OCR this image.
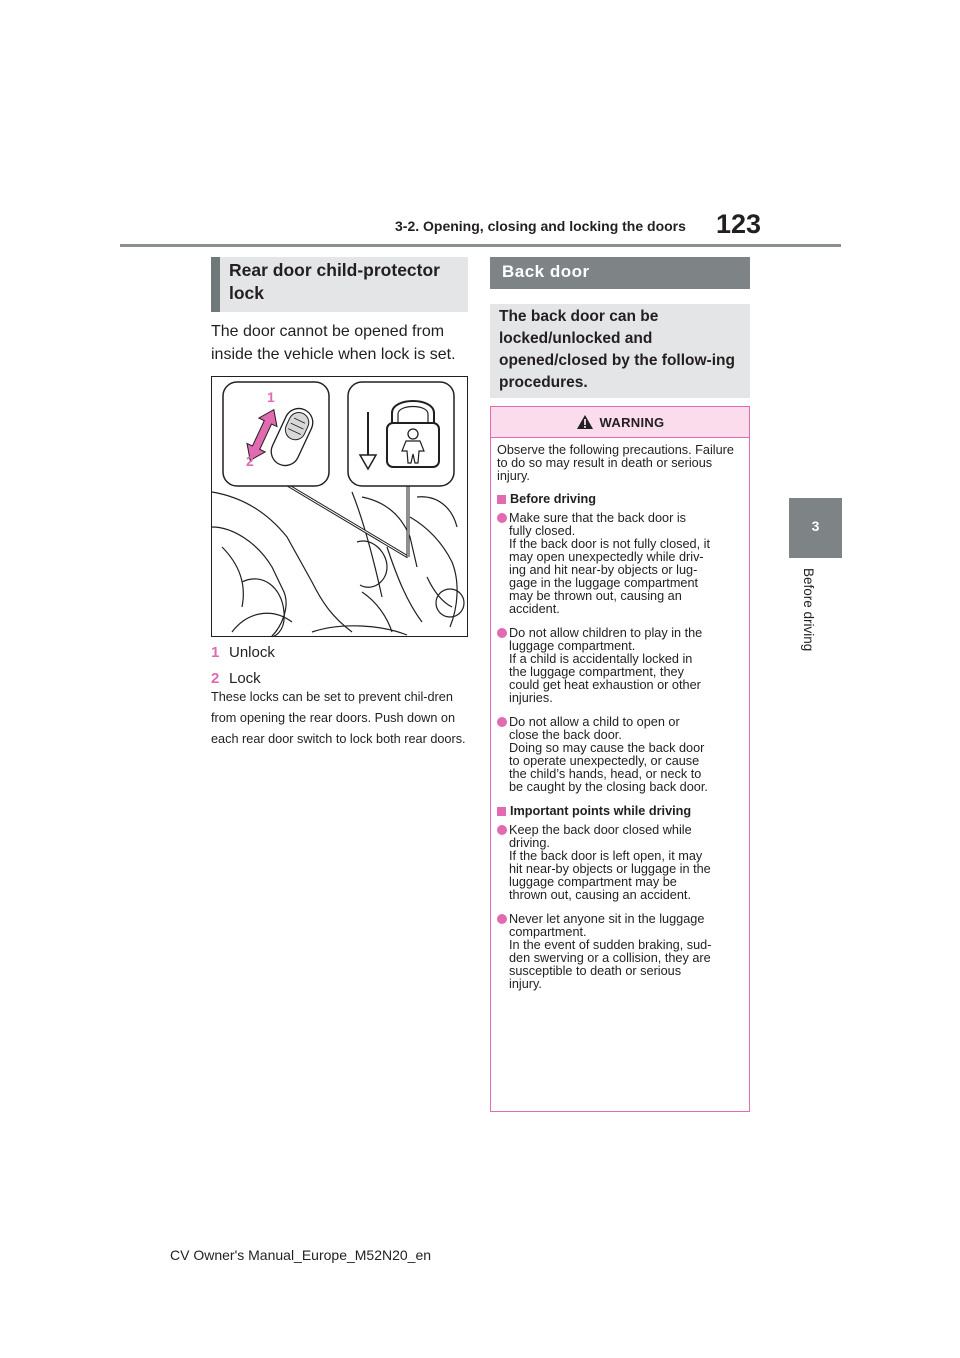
3-2. Opening, closing and locking the doors 123
3
Before driving
Rear door child-protector lock
The door cannot be opened from inside the vehicle when lock is set.
1
2
1 Unlock
2 Lock
These locks can be set to prevent chil-dren from opening the rear doors. Push down on each rear door switch to lock both rear doors.
Back door
The back door can be locked/unlocked and opened/closed by the follow-ing procedures.
WARNING

Observe the following precautions. Failure to do so may result in death or serious injury.

Before driving
Make sure that the back door is
fully closed.
If the back door is not fully closed, it
may open unexpectedly while driv-
ing and hit near-by objects or lug-
gage in the luggage compartment
may be thrown out, causing an
accident.
Do not allow children to play in the
luggage compartment.
If a child is accidentally locked in
the luggage compartment, they
could get heat exhaustion or other
injuries.
Do not allow a child to open or
close the back door.
Doing so may cause the back door
to operate unexpectedly, or cause
the child’s hands, head, or neck to
be caught by the closing back door.
Important points while driving
Keep the back door closed while
driving.
If the back door is left open, it may
hit near-by objects or luggage in the
luggage compartment may be
thrown out, causing an accident.
Never let anyone sit in the luggage
compartment.
In the event of sudden braking, sud-
den swerving or a collision, they are
susceptible to death or serious
injury.
CV Owner's Manual_Europe_M52N20_en
